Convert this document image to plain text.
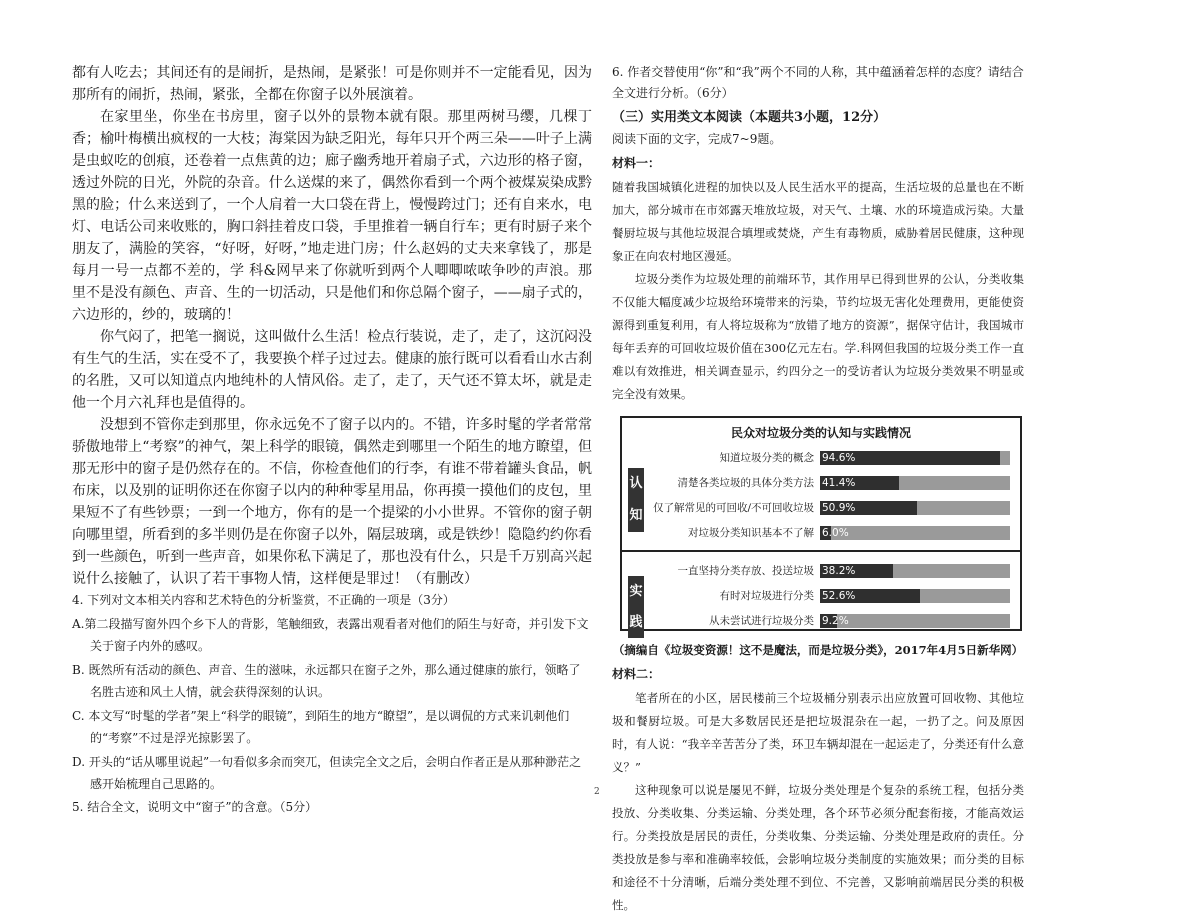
都有人吃去；其间还有的是闹折，是热闹，是紧张！可是你则并不一定能看见，因为那所有的闹折，热闹，紧张，全都在你窗子以外展演着。

在家里坐，你坐在书房里，窗子以外的景物本就有限。那里两树马缨，几棵丁香；榆叶梅横出疯杈的一大枝；海棠因为缺乏阳光，每年只开个两三朵——叶子上满是虫蚁吃的创痕，还卷着一点焦黄的边；廊子幽秀地开着扇子式，六边形的格子窗，透过外院的日光，外院的杂音。什么送煤的来了，偶然你看到一个两个被煤炭染成黔黑的脸；什么来送到了，一个人肩着一大口袋在背上，慢慢跨过门；还有自来水，电灯、电话公司来收账的，胸口斜挂着皮口袋，手里推着一辆自行车；更有时厨子来个朋友了，满脸的笑容，“好呀，好呀，”地走进门房；什么赵妈的丈夫来拿钱了，那是每月一号一点都不差的，学 科&网早来了你就听到两个人唧唧哝哝争吵的声浪。那里不是没有颜色、声音、生的一切活动，只是他们和你总隔个窗子，——扇子式的，六边形的，纱的，玻璃的！

你气闷了，把笔一搁说，这叫做什么生活！检点行装说，走了，走了，这沉闷没有生气的生活，实在受不了，我要换个样子过过去。健康的旅行既可以看看山水古刹的名胜，又可以知道点内地纯朴的人情风俗。走了，走了，天气还不算太坏，就是走他一个月六礼拜也是值得的。

没想到不管你走到那里，你永远免不了窗子以内的。不错，许多时髦的学者常常骄傲地带上“考察”的神气，架上科学的眼镜，偶然走到哪里一个陌生的地方瞭望，但那无形中的窗子是仍然存在的。不信，你检查他们的行李，有谁不带着罐头食品，帆布床，以及别的证明你还在你窗子以内的种种零星用品，你再摸一摸他们的皮包，里果短不了有些钞票；一到一个地方，你有的是一个提梁的小小世界。不管你的窗子朝向哪里望，所看到的多半则仍是在你窗子以外，隔层玻璃，或是铁纱！隐隐约约你看到一些颜色，听到一些声音，如果你私下满足了，那也没有什么，只是千万别高兴起说什么接触了，认识了若干事物人情，这样便是罪过！（有删改）

4. 下列对文本相关内容和艺术特色的分析鉴赏，不正确的一项是（3分）

A.第二段描写窗外四个乡下人的背影，笔触细致，表露出观看者对他们的陌生与好奇，并引发下文关于窗子内外的感叹。

B. 既然所有活动的颜色、声音、生的滋味，永远都只在窗子之外，那么通过健康的旅行，领略了名胜古迹和风土人情，就会获得深刻的认识。

C. 本文写“时髦的学者”架上“科学的眼镜”，到陌生的地方“瞭望”，是以调侃的方式来讥刺他们的“考察”不过是浮光掠影罢了。

D. 开头的“话从哪里说起”一句看似多余而突兀，但读完全文之后，会明白作者正是从那种渺茫之感开始梳理自己思路的。

5. 结合全文，说明文中“窗子”的含意。（5分）

6. 作者交替使用“你”和“我”两个不同的人称，其中蕴涵着怎样的态度？请结合全文进行分析。（6分）

（三）实用类文本阅读（本题共3小题，12分）

阅读下面的文字，完成7~9题。

材料一：

随着我国城镇化进程的加快以及人民生活水平的提高，生活垃圾的总量也在不断加大，部分城市在市郊露天堆放垃圾，对天气、土壤、水的环境造成污染。大量餐厨垃圾与其他垃圾混合填埋或焚烧，产生有毒物质，威胁着居民健康，这种现象正在向农村地区漫延。

垃圾分类作为垃圾处理的前端环节，其作用早已得到世界的公认，分类收集不仅能大幅度减少垃圾给环境带来的污染，节约垃圾无害化处理费用，更能使资源得到重复利用，有人将垃圾称为“放错了地方的资源”，据保守估计，我国城市每年丢弃的可回收垃圾价值在300亿元左右。学.科网但我国的垃圾分类工作一直难以有效推进，相关调查显示，约四分之一的受访者认为垃圾分类效果不明显或完全没有效果。

民众对垃圾分类的认知与实践情况
认知
知道垃圾分类的概念 94.6%
清楚各类垃圾的具体分类方法 41.4%
仅了解常见的可回收/不可回收垃圾 50.9%
对垃圾分类知识基本不了解 6.0%
实践
一直坚持分类存放、投送垃圾 38.2%
有时对垃圾进行分类 52.6%
从未尝试进行垃圾分类 9.2%

（摘编自《垃圾变资源！这不是魔法，而是垃圾分类》，2017年4月5日新华网）

材料二：

笔者所在的小区，居民楼前三个垃圾桶分别表示出应放置可回收物、其他垃圾和餐厨垃圾。可是大多数居民还是把垃圾混杂在一起，一扔了之。问及原因时，有人说：“我辛辛苦苦分了类，环卫车辆却混在一起运走了，分类还有什么意义？”

这种现象可以说是屡见不鲜，垃圾分类处理是个复杂的系统工程，包括分类投放、分类收集、分类运输、分类处理，各个环节必须分配套衔接，才能高效运行。分类投放是居民的责任，分类收集、分类运输、分类处理是政府的责任。分类投放是参与率和准确率较低，会影响垃圾分类制度的实施效果；而分类的目标和途径不十分清晰，后端分类处理不到位、不完善，又影响前端居民分类的积极性。

2
